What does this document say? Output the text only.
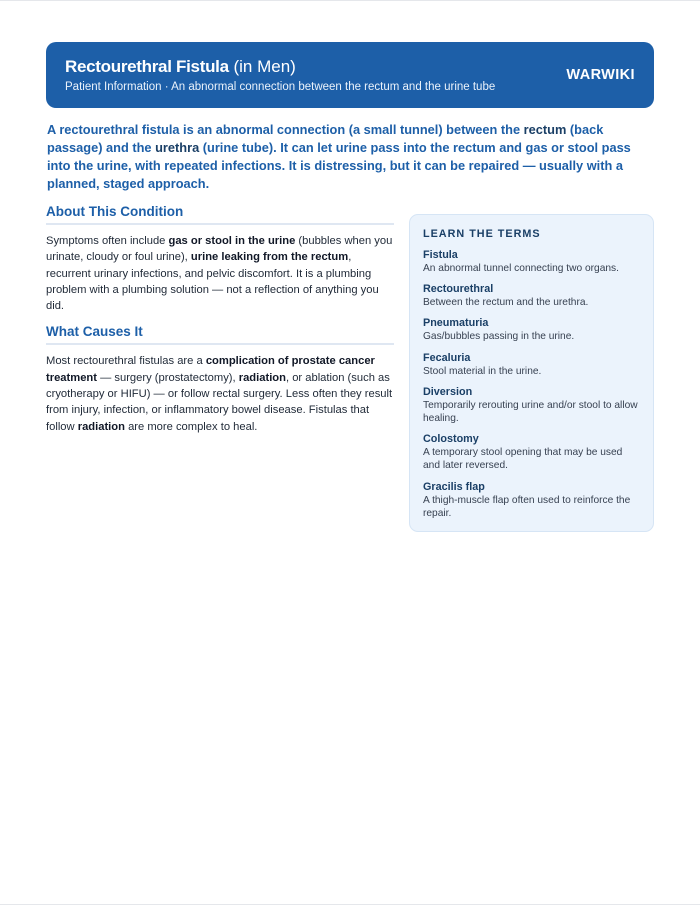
Rectourethral Fistula (in Men)
Patient Information · An abnormal connection between the rectum and the urine tube
WARWIKI
A rectourethral fistula is an abnormal connection (a small tunnel) between the rectum (back passage) and the urethra (urine tube). It can let urine pass into the rectum and gas or stool pass into the urine, with repeated infections. It is distressing, but it can be repaired — usually with a planned, staged approach.
About This Condition
Symptoms often include gas or stool in the urine (bubbles when you urinate, cloudy or foul urine), urine leaking from the rectum, recurrent urinary infections, and pelvic discomfort. It is a plumbing problem with a plumbing solution — not a reflection of anything you did.
What Causes It
Most rectourethral fistulas are a complication of prostate cancer treatment — surgery (prostatectomy), radiation, or ablation (such as cryotherapy or HIFU) — or follow rectal surgery. Less often they result from injury, infection, or inflammatory bowel disease. Fistulas that follow radiation are more complex to heal.
LEARN THE TERMS
Fistula
An abnormal tunnel connecting two organs.
Rectourethral
Between the rectum and the urethra.
Pneumaturia
Gas/bubbles passing in the urine.
Fecaluria
Stool material in the urine.
Diversion
Temporarily rerouting urine and/or stool to allow healing.
Colostomy
A temporary stool opening that may be used and later reversed.
Gracilis flap
A thigh-muscle flap often used to reinforce the repair.
